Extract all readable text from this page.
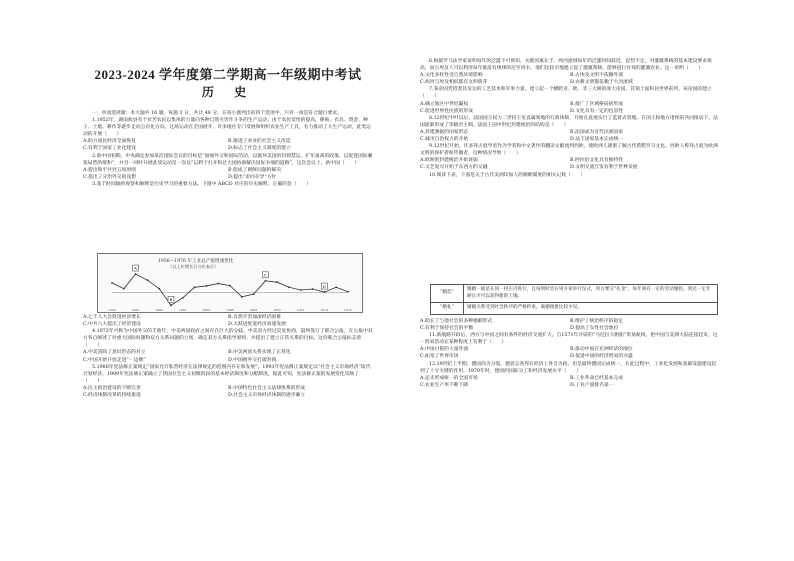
2023-2024 学年度第二学期高一年级期中考试
历 史

一、单项选择题：本大题共 16 题，每题 3 分，共计 48 分。在每小题列出的四个选项中，只有一项是符合题目要求。

1.1952年，湖南攸县有个贫苦农民以集体的力量向各种自然灾害作斗争的生产运动；由于农民觉悟的提高，耕畜、农具、资金、种子、土地、耕作等逐步走向公有化方向。这场运动在全国展开，许多地区专门发展和组织农业生产工具，有力推动了大生产运动，此类运动的开展（　　）

A.助力国民经济全面恢复	B.推进了农业的社会主义改造
C.有利于国家工业化建设	D.标志了社会主义制度的建立

2.新中国初期，中央确定参加某次国际会议的目标是“加强外交和国际活动，以破坏美国的封锁禁运、扩军备战的政策，以促进国际紧张局势的缓和”，并另一同时开展此项运动是一次以“以利于打开和过大国协商解决国际争端的道路”，这次会议上，新中国（　　）

A.提出和平共处五项原则	B.促成了朝鲜问题的解决
C.提出了分治外交的设想	D.提出“求同存异”方针

3.基于时间轴的观察和解释是历史学习的重要方法。下图中 ABCD 对应的历史解释，正确的是（　　）

1956—1976 年工业总产值增速变化
（以上年增长百分比表示）
1956	1958	1960	1962	1964	1966	1968	1970	1972	1974	1976
A
B
C
D
A.七千人大会促进经济增长	B.自然灾害加深经济困难
C.中共八大提出了经济建设	D.大跃进促进经济高速发展

4.1972年可称为中国外交的丰收年，中美两国政府之间存在巨大的分歧，中美双方经过反复协商，最终签订了联合公报，在公报中双方各自阐述了对重大国际问题和双方关系问题的立场，确定双方关系指导原则，并提出了建立正常关系的目标。这份联合公报标志着（　　）

A.中美消除了意识形态的对立	B.中美两国关系实现了正常化
C.中国开始开放走进“一边倒”	D.中国被外交打破封锁

5.1988年宪法修正案规定“国家允许私营经济在法律规定的范围内存在和发展”，1993年宪法修正案规定以“社会主义市场经济”取代计划经济，1999年宪法修正案确立了我国社会主义初级阶段的基本经济制度和分配制度，据此可知，宪法修正案的发展变化反映了（　　）

A.民主政治建设的不断完善	B.中国特色社会主义法律体系的形成
C.经济体制改革的持续推进	D.社会主义市场经济体制的逐步确立

6.根据罗马法学家说明每年的泛滥不可预知，关键因素在于，两河流域每年的泛滥时间较迟，起势不定，对灌溉系统的基本建设要求很高，而古埃及人可以利用每年涨落有规律的尼罗河水，他们比较早地建立起了灌溉系统，能够进行有效的灌溉农业。这一说明（　　）

A.文化多样性受自然环境影响	B.古埃及文明不依赖外部
C.两河与埃及相似都有文明萌芽	D.农耕文明都依赖于大河流域

7.某帝国凭借着其发达的工艺技术和军事力量，建立起一个横跨亚、欧、非三大洲的庞大帝国，其领土面积居世界前列。该帝国的建立（　　）

A.确立地区中世纪霸权	B.推广了区域格局的形成
C.促进世界性民族的形成	D.文化具有一定的包容性

8.12世纪中叶以后，法国国王权力二世持王室直属领地的行政体制，开始在此地实行了监督式管理。在国王和地方诸侯的共同推动下，法国逐渐形成了等级君主制。法国王国中世纪封建统治的结构是（　　）

A.封建割据的国家形态	B.法国成为近代民族国家
C.城市自治权力的开始	D.法王国家基本完成统一

9.12世纪开始，许多拜占庭学者作为学者和中文著作的翻译文献流到西欧，使欧洲人逐渐了解古代希腊罗马文化。西欧人称拜占庭为欧洲文明的保护者和传播者。这种情况导致（　　）

A.欧洲的封建统治开始衰弱	B.阿拉伯文化具有独特性
C.文艺复兴开始于东西方的交融	D.文明交流互鉴有利于世界发展

10.阅读下表，下面是关于古代美洲印加人的婚姻制度的相关记载（　　）

“婚恋”	婚姻一般是在同一村庄内进行，且每到时会在男方家举行仪式，男方要交“礼金”，每年须有一定的劳动服役，到达一定年龄后才可以获得新的土地。
“婚礼”	婚姻关系受到社会秩序的严格约束，离婚现象比较少见。
A.助长了与他社会的多种婚姻形式	B.维护了统治秩序的稳定
C.有利于保持社会的平衡	D.提高了女性社会地位

11.新航路开辟后，西方与中国之间有条件的经济交流扩大。自1571年开辟的“马尼拉大帆船”贸易航线，把中国与美洲大陆连接起来，这一贸易活动在某种程度上有利于（　　）

A.中国白银的大量外流	B.推动中国在亚洲经济的地位
C.拓宽了世界市场	D.促进中国的经济贸易的兴盛

12.19世纪上半期，德国尚为分裂，德意志各邦在经济上各自为政，但是最终德国完成统一，在此过程中，工业化发展和基础设施建设起到了十分关键的作用，1870年时，德国的国际分工和经济发展水平（　　）

A.还未形成统一的全国市场	B.工业革命已经基本完成
C.农业生产率不断下降	D.工业产量排名第一
